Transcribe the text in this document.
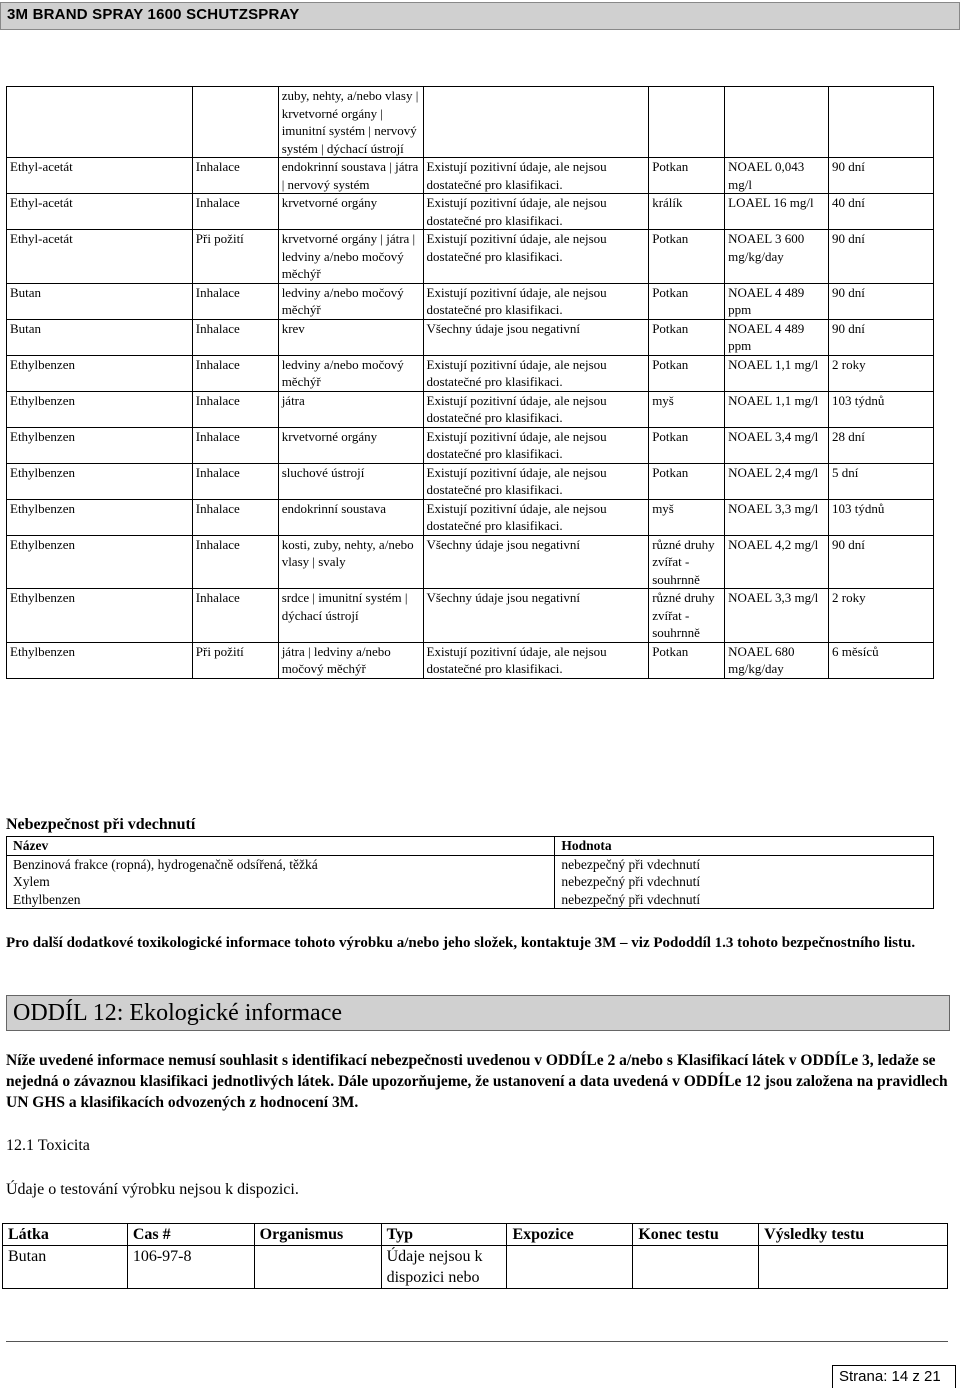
3M BRAND SPRAY 1600 SCHUTZSPRAY
		zuby, nehty, a/nebo vlasy | krvetvorné orgány | imunitní systém | nervový systém | dýchací ústrojí				
Ethyl-acetát	Inhalace	endokrinní soustava | játra | nervový systém	Existují pozitivní údaje, ale nejsou dostatečné pro klasifikaci.	Potkan	NOAEL 0,043 mg/l	90 dní
Ethyl-acetát	Inhalace	krvetvorné orgány	Existují pozitivní údaje, ale nejsou dostatečné pro klasifikaci.	králík	LOAEL 16 mg/l	40 dní
Ethyl-acetát	Při požití	krvetvorné orgány | játra | ledviny a/nebo močový měchýř	Existují pozitivní údaje, ale nejsou dostatečné pro klasifikaci.	Potkan	NOAEL 3 600 mg/kg/day	90 dní
Butan	Inhalace	ledviny a/nebo močový měchýř	Existují pozitivní údaje, ale nejsou dostatečné pro klasifikaci.	Potkan	NOAEL 4 489 ppm	90 dní
Butan	Inhalace	krev	Všechny údaje jsou negativní	Potkan	NOAEL 4 489 ppm	90 dní
Ethylbenzen	Inhalace	ledviny a/nebo močový měchýř	Existují pozitivní údaje, ale nejsou dostatečné pro klasifikaci.	Potkan	NOAEL 1,1 mg/l	2 roky
Ethylbenzen	Inhalace	játra	Existují pozitivní údaje, ale nejsou dostatečné pro klasifikaci.	myš	NOAEL 1,1 mg/l	103 týdnů
Ethylbenzen	Inhalace	krvetvorné orgány	Existují pozitivní údaje, ale nejsou dostatečné pro klasifikaci.	Potkan	NOAEL 3,4 mg/l	28 dní
Ethylbenzen	Inhalace	sluchové ústrojí	Existují pozitivní údaje, ale nejsou dostatečné pro klasifikaci.	Potkan	NOAEL 2,4 mg/l	5 dní
Ethylbenzen	Inhalace	endokrinní soustava	Existují pozitivní údaje, ale nejsou dostatečné pro klasifikaci.	myš	NOAEL 3,3 mg/l	103 týdnů
Ethylbenzen	Inhalace	kosti, zuby, nehty, a/nebo vlasy | svaly	Všechny údaje jsou negativní	různé druhy zvířat - souhrnně	NOAEL 4,2 mg/l	90 dní
Ethylbenzen	Inhalace	srdce | imunitní systém | dýchací ústrojí	Všechny údaje jsou negativní	různé druhy zvířat - souhrnně	NOAEL 3,3 mg/l	2 roky
Ethylbenzen	Při požití	játra | ledviny a/nebo močový měchýř	Existují pozitivní údaje, ale nejsou dostatečné pro klasifikaci.	Potkan	NOAEL 680 mg/kg/day	6 měsíců
Nebezpečnost při vdechnutí
Název	Hodnota
Benzinová frakce (ropná), hydrogenačně odsířená, těžká	nebezpečný při vdechnutí
Xylem	nebezpečný při vdechnutí
Ethylbenzen	nebezpečný při vdechnutí
Pro další dodatkové toxikologické informace tohoto výrobku a/nebo jeho složek, kontaktuje 3M – viz Pododdíl 1.3 tohoto bezpečnostního listu.
ODDÍL 12: Ekologické informace
Níže uvedené informace nemusí souhlasit s identifikací nebezpečnosti uvedenou v ODDÍLe 2 a/nebo s Klasifikací látek v ODDÍLe 3, ledaže se nejedná o závaznou klasifikaci jednotlivých látek. Dále upozorňujeme, že ustanovení a data uvedená v ODDÍLe 12 jsou založena na pravidlech UN GHS a klasifikacích odvozených z hodnocení 3M.
12.1 Toxicita
Údaje o testování výrobku nejsou k dispozici.
Látka	Cas #	Organismus	Typ	Expozice	Konec testu	Výsledky testu
Butan	106-97-8		Údaje nejsou k dispozici nebo			
Strana: 14 z 21
